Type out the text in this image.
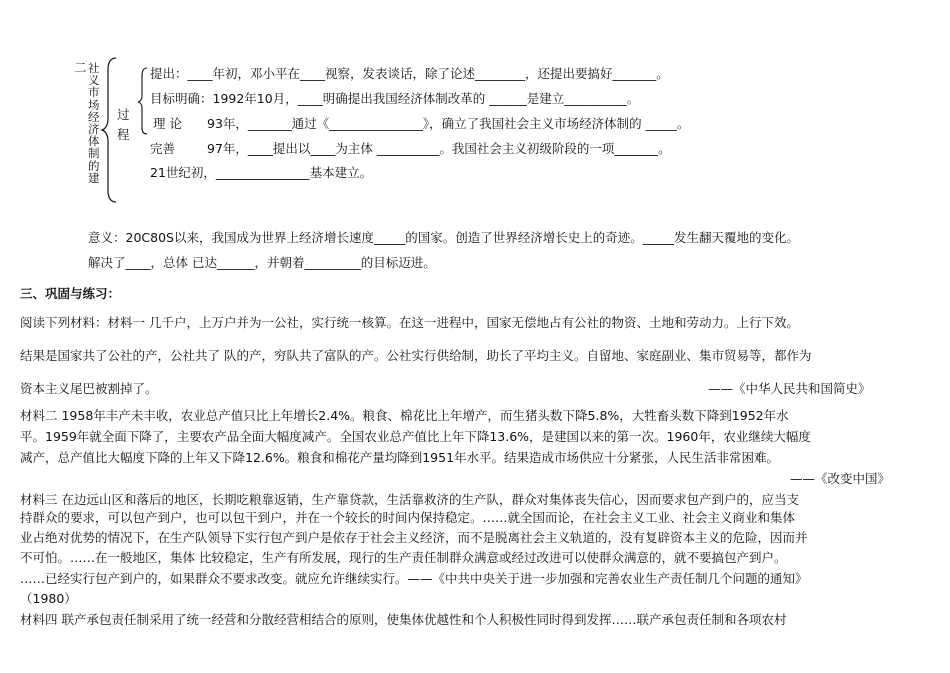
二 社义市场经济体制的建
过
程
提出：____年初，邓小平在____视察，发表谈话，除了论述________，还提出要搞好_______。
目标明确：1992年10月，____明确提出我国经济体制改革的 ______是建立__________。
理 论 93年，_______通过《_______________》，确立了我国社会主义市场经济体制的 _____。
完善	97年，____提出以____为主体 __________。我国社会主义初级阶段的一项_______。
21世纪初，_______________基本建立。
意义：20C80S以来，我国成为世界上经济增长速度_____的国家。创造了世界经济增长史上的奇迹。_____发生翻天覆地的变化。
解决了____，总体 已达______，并朝着_________的目标迈进。
三、巩固与练习：
阅读下列材料：材料一 几千户，上万户并为一公社，实行统一核算。在这一进程中，国家无偿地占有公社的物资、土地和劳动力。上行下效。
结果是国家共了公社的产，公社共了 队的产，穷队共了富队的产。公社实行供给制，助长了平均主义。自留地、家庭副业、集市贸易等，都作为
资本主义尾巴被割掉了。	——《中华人民共和国简史》
材料二 1958年丰产未丰收，农业总产值只比上年增长2.4%。粮食、棉花比上年增产，而生猪头数下降5.8%，大牲畜头数下降到1952年水
平。1959年就全面下降了，主要农产品全面大幅度减产。全国农业总产值比上年下降13.6%，是建国以来的第一次。1960年，农业继续大幅度
减产，总产值比大幅度下降的上年又下降12.6%。粮食和棉花产量均降到1951年水平。结果造成市场供应十分紧张，人民生活非常困难。
——《改变中国》
材料三 在边远山区和落后的地区，长期吃粮靠返销，生产靠贷款，生活靠救济的生产队，群众对集体丧失信心，因而要求包产到户的，应当支
持群众的要求，可以包产到户，也可以包干到户，并在一个较长的时间内保持稳定。……就全国而论，在社会主义工业、社会主义商业和集体
业占绝对优势的情况下，在生产队领导下实行包产到户是依存于社会主义经济，而不是脱离社会主义轨道的，没有复辟资本主义的危险，因而并
不可怕。……在一般地区，集体 比较稳定，生产有所发展，现行的生产责任制群众满意或经过改进可以使群众满意的，就不要搞包产到户。
……已经实行包产到户的，如果群众不要求改变。就应允许继续实行。——《中共中央关于进一步加强和完善农业生产责任制几个问题的通知》
（1980）
材料四 联产承包责任制采用了统一经营和分散经营相结合的原则，使集体优越性和个人积极性同时得到发挥……联产承包责任制和各项农村
